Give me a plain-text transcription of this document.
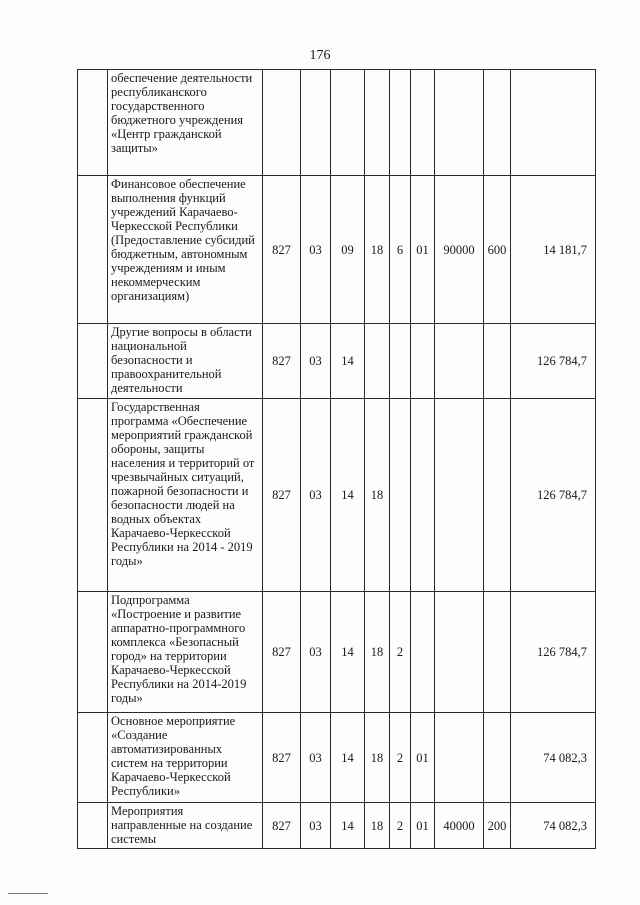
176
	обеспечение деятельности республиканского государственного бюджетного учреждения «Центр гражданской защиты»									
	Финансовое обеспечение выполнения функций учреждений Карачаево-Черкесской Республики (Предоставление субсидий бюджетным, автономным учреждениям и иным некоммерческим организациям)	827	03	09	18	6	01	90000	600	14 181,7
	Другие вопросы в области национальной безопасности и правоохранительной деятельности	827	03	14						126 784,7
	Государственная программа «Обеспечение мероприятий гражданской обороны, защиты населения и территорий от чрезвычайных ситуаций, пожарной безопасности и безопасности людей на водных объектах Карачаево-Черкесской Республики на 2014 - 2019 годы»	827	03	14	18					126 784,7
	Подпрограмма «Построение и развитие аппаратно-программного комплекса «Безопасный город» на территории Карачаево-Черкесской Республики на 2014-2019 годы»	827	03	14	18	2				126 784,7
	Основное мероприятие «Создание автоматизированных систем на территории Карачаево-Черкесской Республики»	827	03	14	18	2	01			74 082,3
	Мероприятия направленные на создание системы	827	03	14	18	2	01	40000	200	74 082,3
